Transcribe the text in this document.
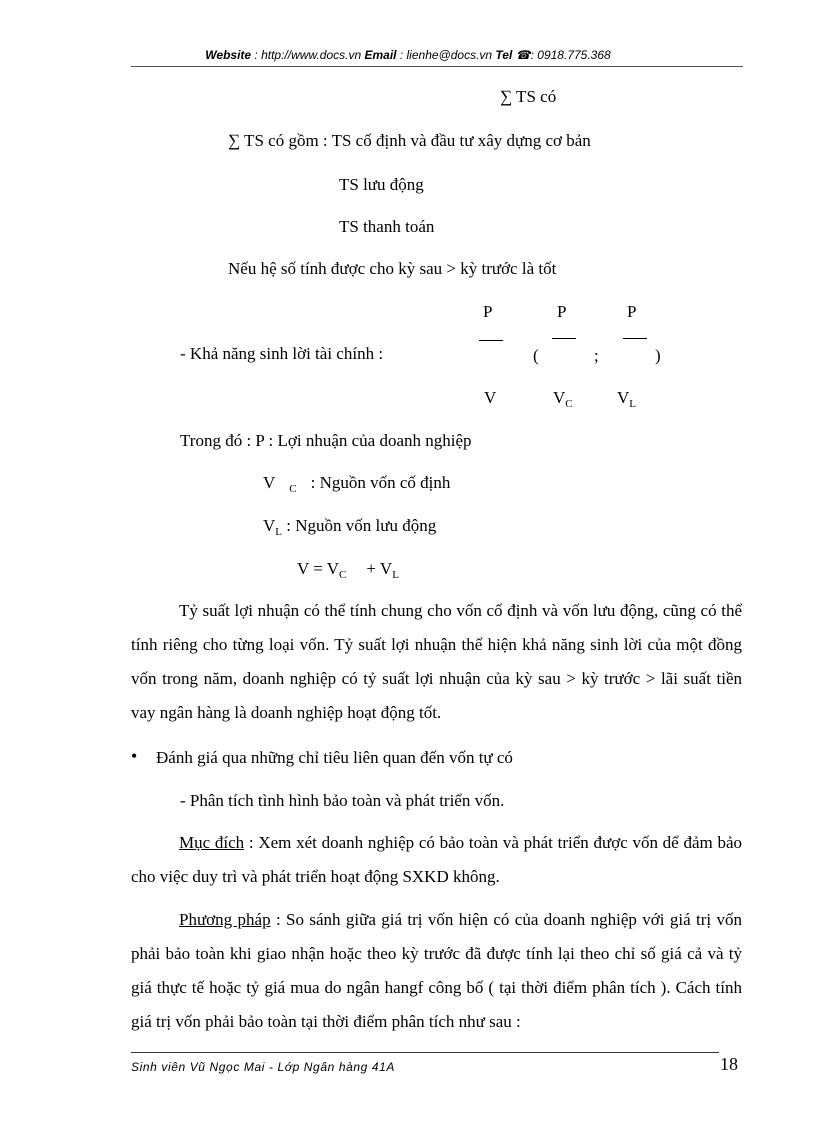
Website : http://www.docs.vn Email : lienhe@docs.vn Tel ☎: 0918.775.368
∑ TS có
∑ TS có gồm : TS cố định và đầu tư xây dựng cơ bản
TS lưu động
TS thanh toán
Nếu hệ số tính được cho kỳ sau > kỳ trước là tốt
P	P	P
- Khả năng sinh lời tài chính :	(	;	)
V	$V_C$	$V_L$
Trong đó : P : Lợi nhuận của doanh nghiệp
V $_C$ : Nguồn vốn cố định
$V_L$ : Nguồn vốn lưu động
$V = V_C + V_L$
Tỷ suất lợi nhuận có thể tính chung cho vốn cố định và vốn lưu động, cũng có thể tính riêng cho từng loại vốn. Tỷ suất lợi nhuận thể hiện khả năng sinh lời của một đồng vốn trong năm, doanh nghiệp có tỷ suất lợi nhuận của kỳ sau > kỳ trước > lãi suất tiền vay ngân hàng là doanh nghiệp hoạt động tốt.
• Đánh giá qua những chỉ tiêu liên quan đến vốn tự có
- Phân tích tình hình bảo toàn và phát triển vốn.
Mục đích : Xem xét doanh nghiệp có bảo toàn và phát triển được vốn dể đảm bảo cho việc duy trì và phát triển hoạt động SXKD không.
Phương pháp : So sánh giữa giá trị vốn hiện có của doanh nghiệp với giá trị vốn phải bảo toàn khi giao nhận hoặc theo kỳ trước đã được tính lại theo chỉ số giá cả và tỷ giá thực tế hoặc tỷ giá mua do ngân hangf công bố ( tại thời điểm phân tích ). Cách tính giá trị vốn phải bảo toàn tại thời điểm phân tích như sau :
Sinh viên Vũ Ngọc Mai - Lớp Ngân hàng 41A	18
